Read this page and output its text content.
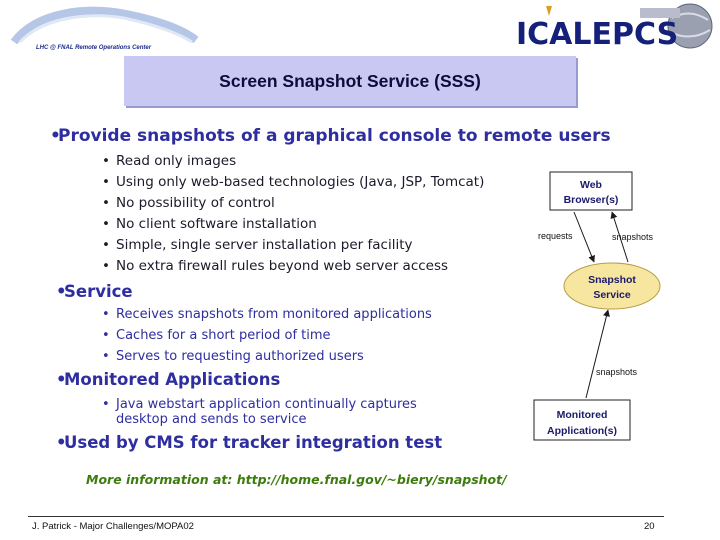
LHC @ FNAL Remote Operations Center	ICALEPCS
Screen Snapshot Service (SSS)
•
Provide snapshots of a graphical console to remote users
• Read only images
• Using only web-based technologies (Java, JSP, Tomcat)
• No possibility of control
• No client software installation
• Simple, single server installation per facility
• No extra firewall rules beyond web server access
•
Service
• Receives snapshots from monitored applications
• Caches for a short period of time
• Serves to requesting authorized users
•
Monitored Applications
• Java webstart application continually captures
desktop and sends to service
•
Used by CMS for tracker integration test
More information at: http://home.fnal.gov/~biery/snapshot/
Web
Browser(s)
Snapshot
Service
Monitored
Application(s)
requests	snapshots
snapshots
J. Patrick - Major Challenges/MOPA02	20
